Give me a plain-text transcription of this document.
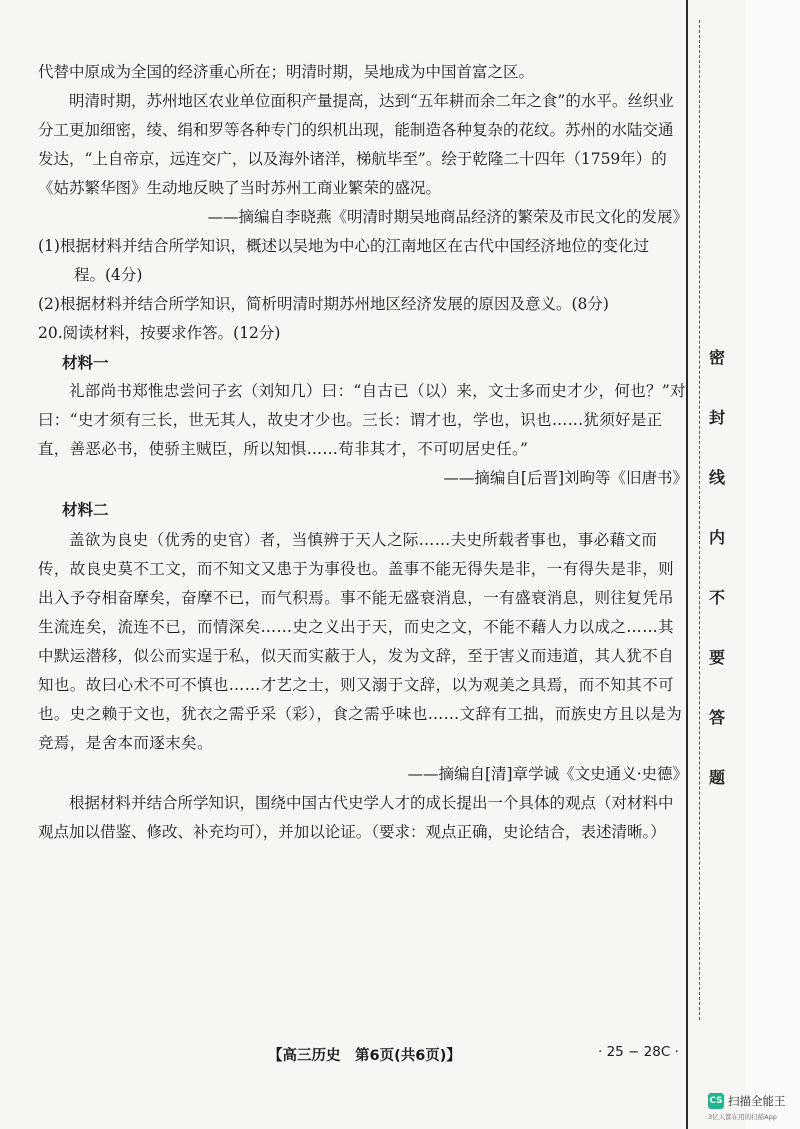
代替中原成为全国的经济重心所在；明清时期，吴地成为中国首富之区。

明清时期，苏州地区农业单位面积产量提高，达到“五年耕而余二年之食”的水平。丝织业分工更加细密，绫、绢和罗等各种专门的织机出现，能制造各种复杂的花纹。苏州的水陆交通发达，“上自帝京，远连交广，以及海外诸洋，梯航毕至”。绘于乾隆二十四年（1759年）的《姑苏繁华图》生动地反映了当时苏州工商业繁荣的盛况。

——摘编自李晓燕《明清时期吴地商品经济的繁荣及市民文化的发展》

(1)根据材料并结合所学知识，概述以吴地为中心的江南地区在古代中国经济地位的变化过

程。(4分)

(2)根据材料并结合所学知识，简析明清时期苏州地区经济发展的原因及意义。(8分)

20.阅读材料，按要求作答。(12分)

材料一

礼部尚书郑惟忠尝问子玄（刘知几）曰：“自古已（以）来，文士多而史才少，何也？”对曰：“史才须有三长，世无其人，故史才少也。三长：谓才也，学也，识也……犹须好是正直，善恶必书，使骄主贼臣，所以知惧……苟非其才，不可叨居史任。”

——摘编自[后晋]刘昫等《旧唐书》

材料二

盖欲为良史（优秀的史官）者，当慎辨于天人之际……夫史所载者事也，事必藉文而传，故良史莫不工文，而不知文又患于为事役也。盖事不能无得失是非，一有得失是非，则出入予夺相奋摩矣，奋摩不已，而气积焉。事不能无盛衰消息，一有盛衰消息，则往复凭吊生流连矣，流连不已，而情深矣……史之义出于天，而史之文，不能不藉人力以成之……其中默运潜移，似公而实逞于私，似天而实蔽于人，发为文辞，至于害义而违道，其人犹不自知也。故曰心术不可不慎也……才艺之士，则又溺于文辞，以为观美之具焉，而不知其不可也。史之赖于文也，犹衣之需乎采（彩），食之需乎味也……文辞有工拙，而族史方且以是为竞焉，是舍本而逐末矣。

——摘编自[清]章学诚《文史通义·史德》

根据材料并结合所学知识，围绕中国古代史学人才的成长提出一个具体的观点（对材料中观点加以借鉴、修改、补充均可），并加以论证。（要求：观点正确，史论结合，表述清晰。）

【高三历史　第6页(共6页)】	· 25 − 28C ·
密
封
线
内
不
要
答
题
CS 扫描全能王
3亿人都在用的扫描App
